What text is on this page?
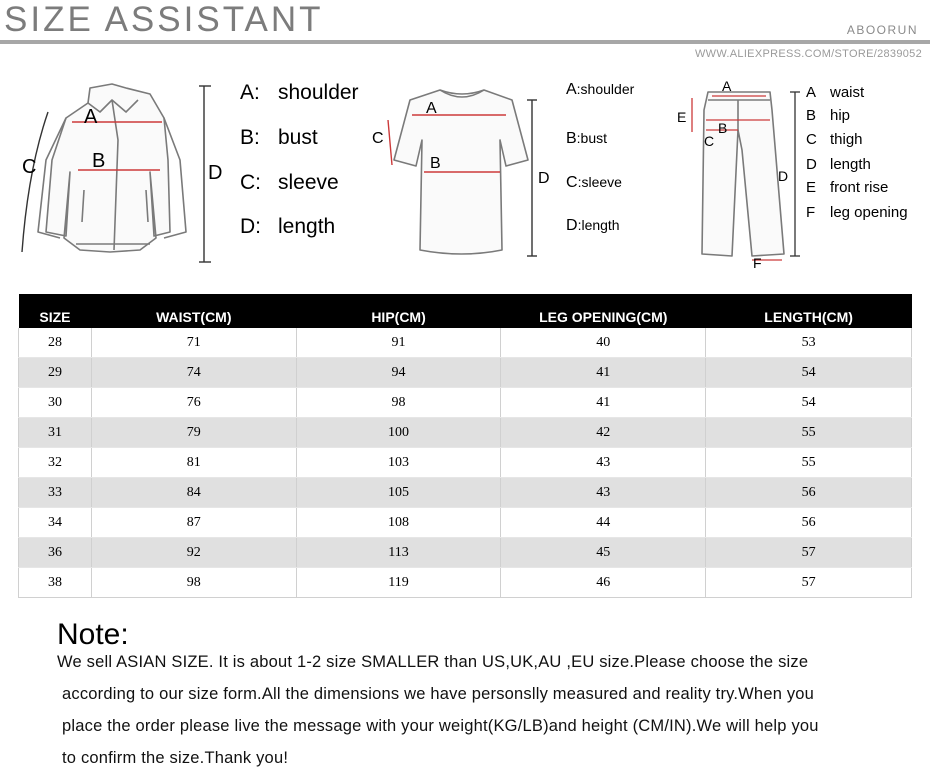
SIZE ASSISTANT	ABOORUN
WWW.ALIEXPRESS.COM/STORE/2839052
A
B
C	D
A: shoulder
B: bust
C: sleeve
D: length
A
B
C
D
A:shoulder
B:bust
C:sleeve
D:length
A
B
C
D
E
F
A waist
B hip
C thigh
D length
E front rise
F leg opening
SIZE	WAIST(CM)	HIP(CM)	LEG OPENING(CM)	LENGTH(CM)
28	71	91	40	53
29	74	94	41	54
30	76	98	41	54
31	79	100	42	55
32	81	103	43	55
33	84	105	43	56
34	87	108	44	56
36	92	113	45	57
38	98	119	46	57
Note:
We sell ASIAN SIZE. It is about 1-2 size SMALLER than US,UK,AU ,EU size.Please choose the size
according to our size form.All the dimensions we have personslly measured and reality try.When you
place the order please live the message with your weight(KG/LB)and height (CM/IN).We will help you
to confirm the size.Thank you!
